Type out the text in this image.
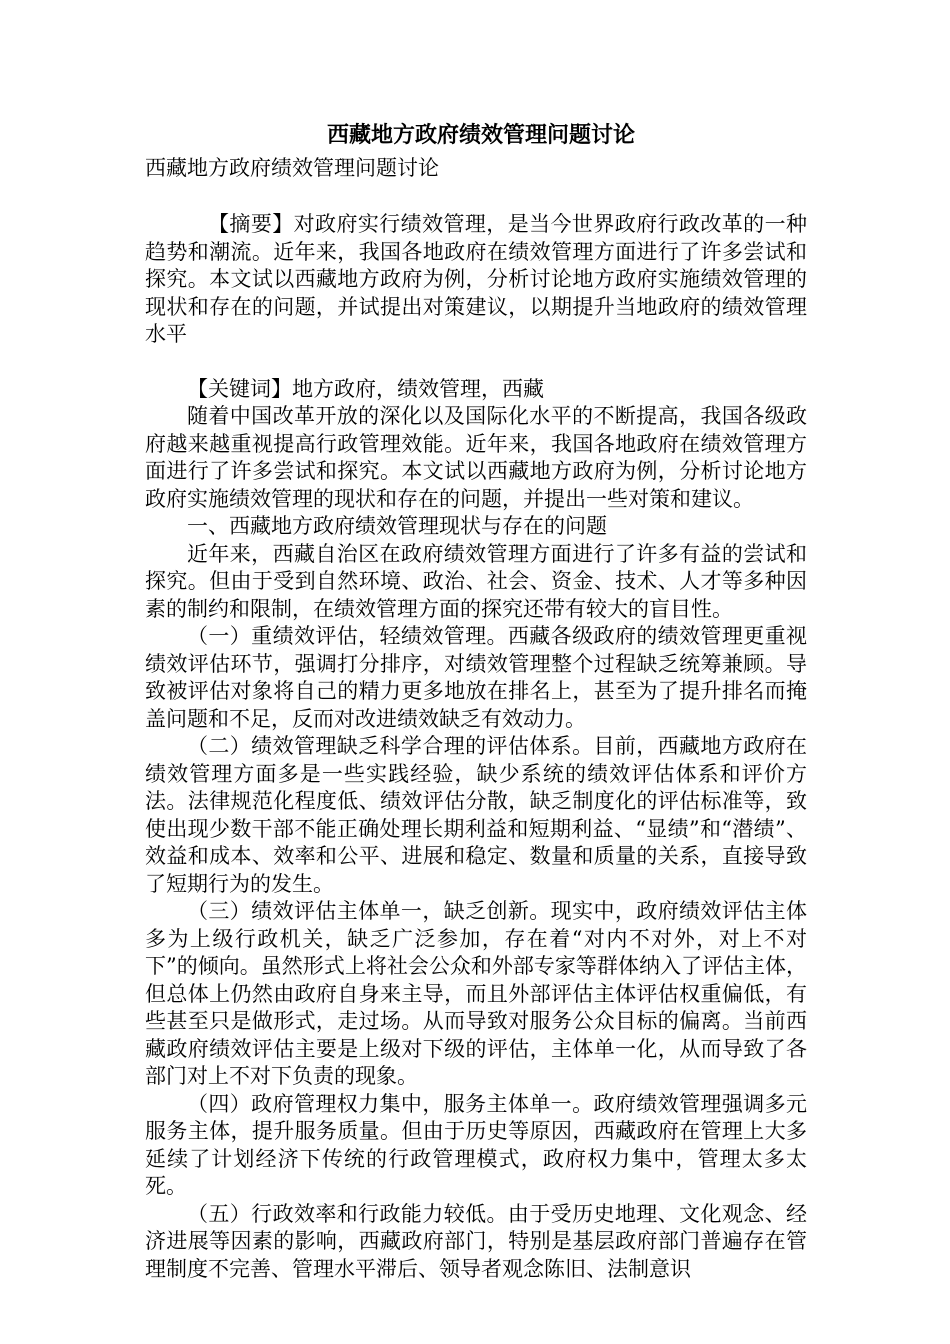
西藏地方政府绩效管理问题讨论

西藏地方政府绩效管理问题讨论

【摘要】对政府实行绩效管理，是当今世界政府行政改革的一种趋势和潮流。近年来，我国各地政府在绩效管理方面进行了许多尝试和探究。本文试以西藏地方政府为例，分析讨论地方政府实施绩效管理的现状和存在的问题，并试提出对策建议，以期提升当地政府的绩效管理水平

【关键词】地方政府，绩效管理，西藏

随着中国改革开放的深化以及国际化水平的不断提高，我国各级政府越来越重视提高行政管理效能。近年来，我国各地政府在绩效管理方面进行了许多尝试和探究。本文试以西藏地方政府为例，分析讨论地方政府实施绩效管理的现状和存在的问题，并提出一些对策和建议。

一、西藏地方政府绩效管理现状与存在的问题

近年来，西藏自治区在政府绩效管理方面进行了许多有益的尝试和探究。但由于受到自然环境、政治、社会、资金、技术、人才等多种因素的制约和限制，在绩效管理方面的探究还带有较大的盲目性。

（一）重绩效评估，轻绩效管理。西藏各级政府的绩效管理更重视绩效评估环节，强调打分排序，对绩效管理整个过程缺乏统筹兼顾。导致被评估对象将自己的精力更多地放在排名上，甚至为了提升排名而掩盖问题和不足，反而对改进绩效缺乏有效动力。

（二）绩效管理缺乏科学合理的评估体系。目前，西藏地方政府在绩效管理方面多是一些实践经验，缺少系统的绩效评估体系和评价方法。法律规范化程度低、绩效评估分散，缺乏制度化的评估标准等，致使出现少数干部不能正确处理长期利益和短期利益、“显绩”和“潜绩”、效益和成本、效率和公平、进展和稳定、数量和质量的关系，直接导致了短期行为的发生。

（三）绩效评估主体单一，缺乏创新。现实中，政府绩效评估主体多为上级行政机关，缺乏广泛参加，存在着“对内不对外，对上不对下”的倾向。虽然形式上将社会公众和外部专家等群体纳入了评估主体，但总体上仍然由政府自身来主导，而且外部评估主体评估权重偏低，有些甚至只是做形式，走过场。从而导致对服务公众目标的偏离。当前西藏政府绩效评估主要是上级对下级的评估，主体单一化，从而导致了各部门对上不对下负责的现象。

（四）政府管理权力集中，服务主体单一。政府绩效管理强调多元服务主体，提升服务质量。但由于历史等原因，西藏政府在管理上大多延续了计划经济下传统的行政管理模式，政府权力集中，管理太多太死。

（五）行政效率和行政能力较低。由于受历史地理、文化观念、经济进展等因素的影响，西藏政府部门，特别是基层政府部门普遍存在管理制度不完善、管理水平滞后、领导者观念陈旧、法制意识
